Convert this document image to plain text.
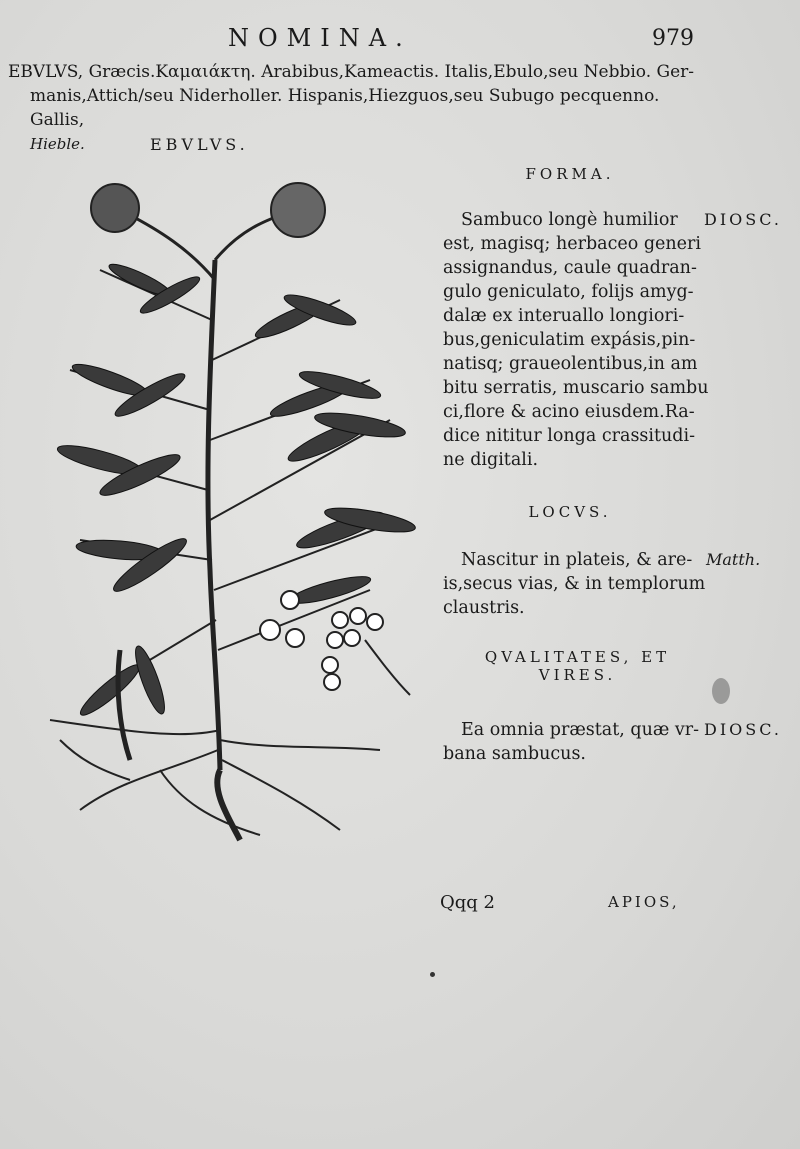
NOMINA.	979
EBVLVS, Græcis.Καμαιάκτη. Arabibus,Kameactis. Italis,Ebulo,seu Nebbio. Ger-
manis,Attich/seu Niderholler. Hispanis,Hiezguos,seu Subugo pecquenno. Gallis,
Hieble.	EBVLVS.
FORMA.
Sambuco longè humilior
est, magisq; herbaceo generi
assignandus, caule quadran-
gulo geniculato, folijs amyg-
dalæ ex interuallo longiori-
bus,geniculatim expásis,pin-
natisq; graueolentibus,in am
bitu serratis, muscario sambu
ci,flore & acino eiusdem.Ra-
dice nititur longa crassitudi-
ne digitali.
DIOSC.
LOCVS.
Nascitur in plateis, & are-
is,secus vias, & in templorum
claustris.
Matth.
QVALITATES, ET
VIRES.
Ea omnia præstat, quæ vr-
bana sambucus.
DIOSC.
Qqq 2	APIOS,
